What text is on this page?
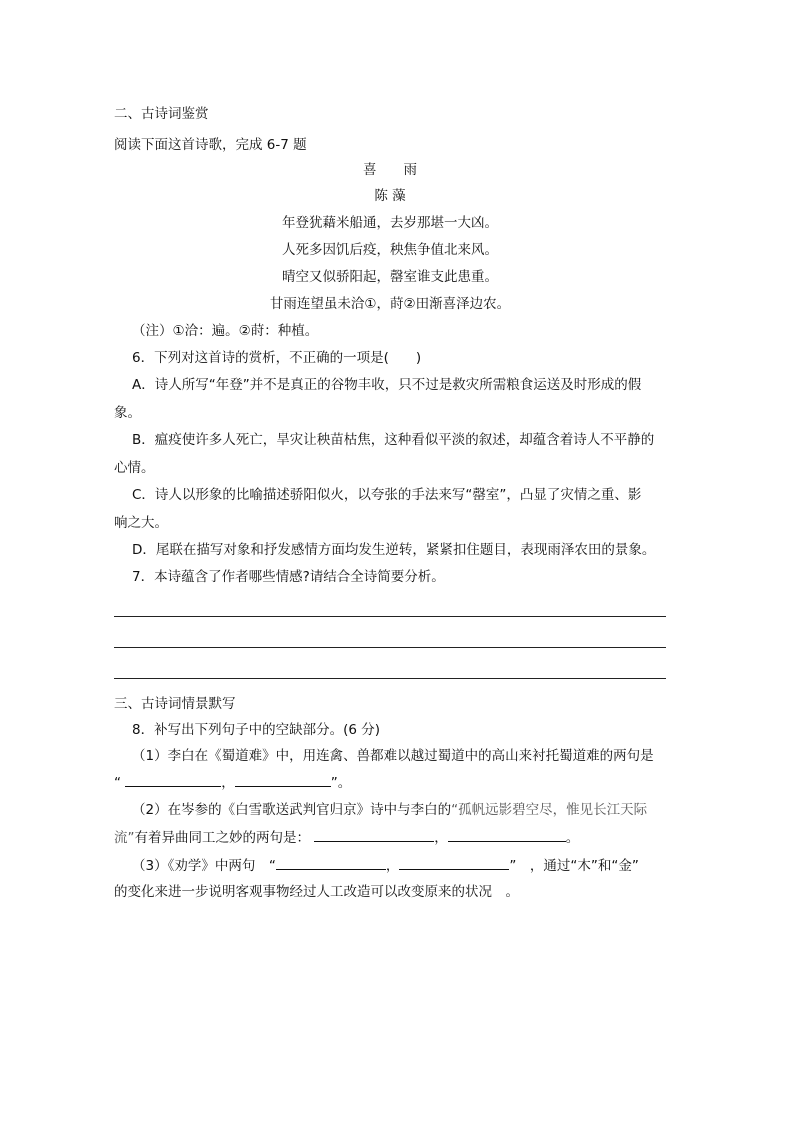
二、古诗词鉴赏
阅读下面这首诗歌，完成 6-7 题
喜　　雨
陈 藻
年登犹藉米船通，去岁那堪一大凶。
人死多因饥后疫，秧焦争值北来风。
晴空又似骄阳起，罄室谁支此患重。
甘雨连望虽未洽①，莳②田渐喜泽边农。
（注）①洽：遍。②莳：种植。
6．下列对这首诗的赏析，不正确的一项是(　　)
A．诗人所写“年登”并不是真正的谷物丰收，只不过是救灾所需粮食运送及时形成的假
象。
B．瘟疫使许多人死亡，旱灾让秧苗枯焦，这种看似平淡的叙述，却蕴含着诗人不平静的
心情。
C．诗人以形象的比喻描述骄阳似火，以夸张的手法来写“罄室”，凸显了灾情之重、影
响之大。
D．尾联在描写对象和抒发感情方面均发生逆转，紧紧扣住题目，表现雨泽农田的景象。
7．本诗蕴含了作者哪些情感?请结合全诗简要分析。
三、古诗词情景默写
8．补写出下列句子中的空缺部分。(6 分)
（1）李白在《蜀道难》中，用连禽、兽都难以越过蜀道中的高山来衬托蜀道难的两句是
“	，	”。
（2）在岑参的《白雪歌送武判官归京》诗中与李白的“孤帆远影碧空尽，惟见长江天际
流”有着异曲同工之妙的两句是：	，	。
（3）《劝学》中两句　“	，	”　，通过“木”和“金”
的变化来进一步说明客观事物经过人工改造可以改变原来的状况　。
